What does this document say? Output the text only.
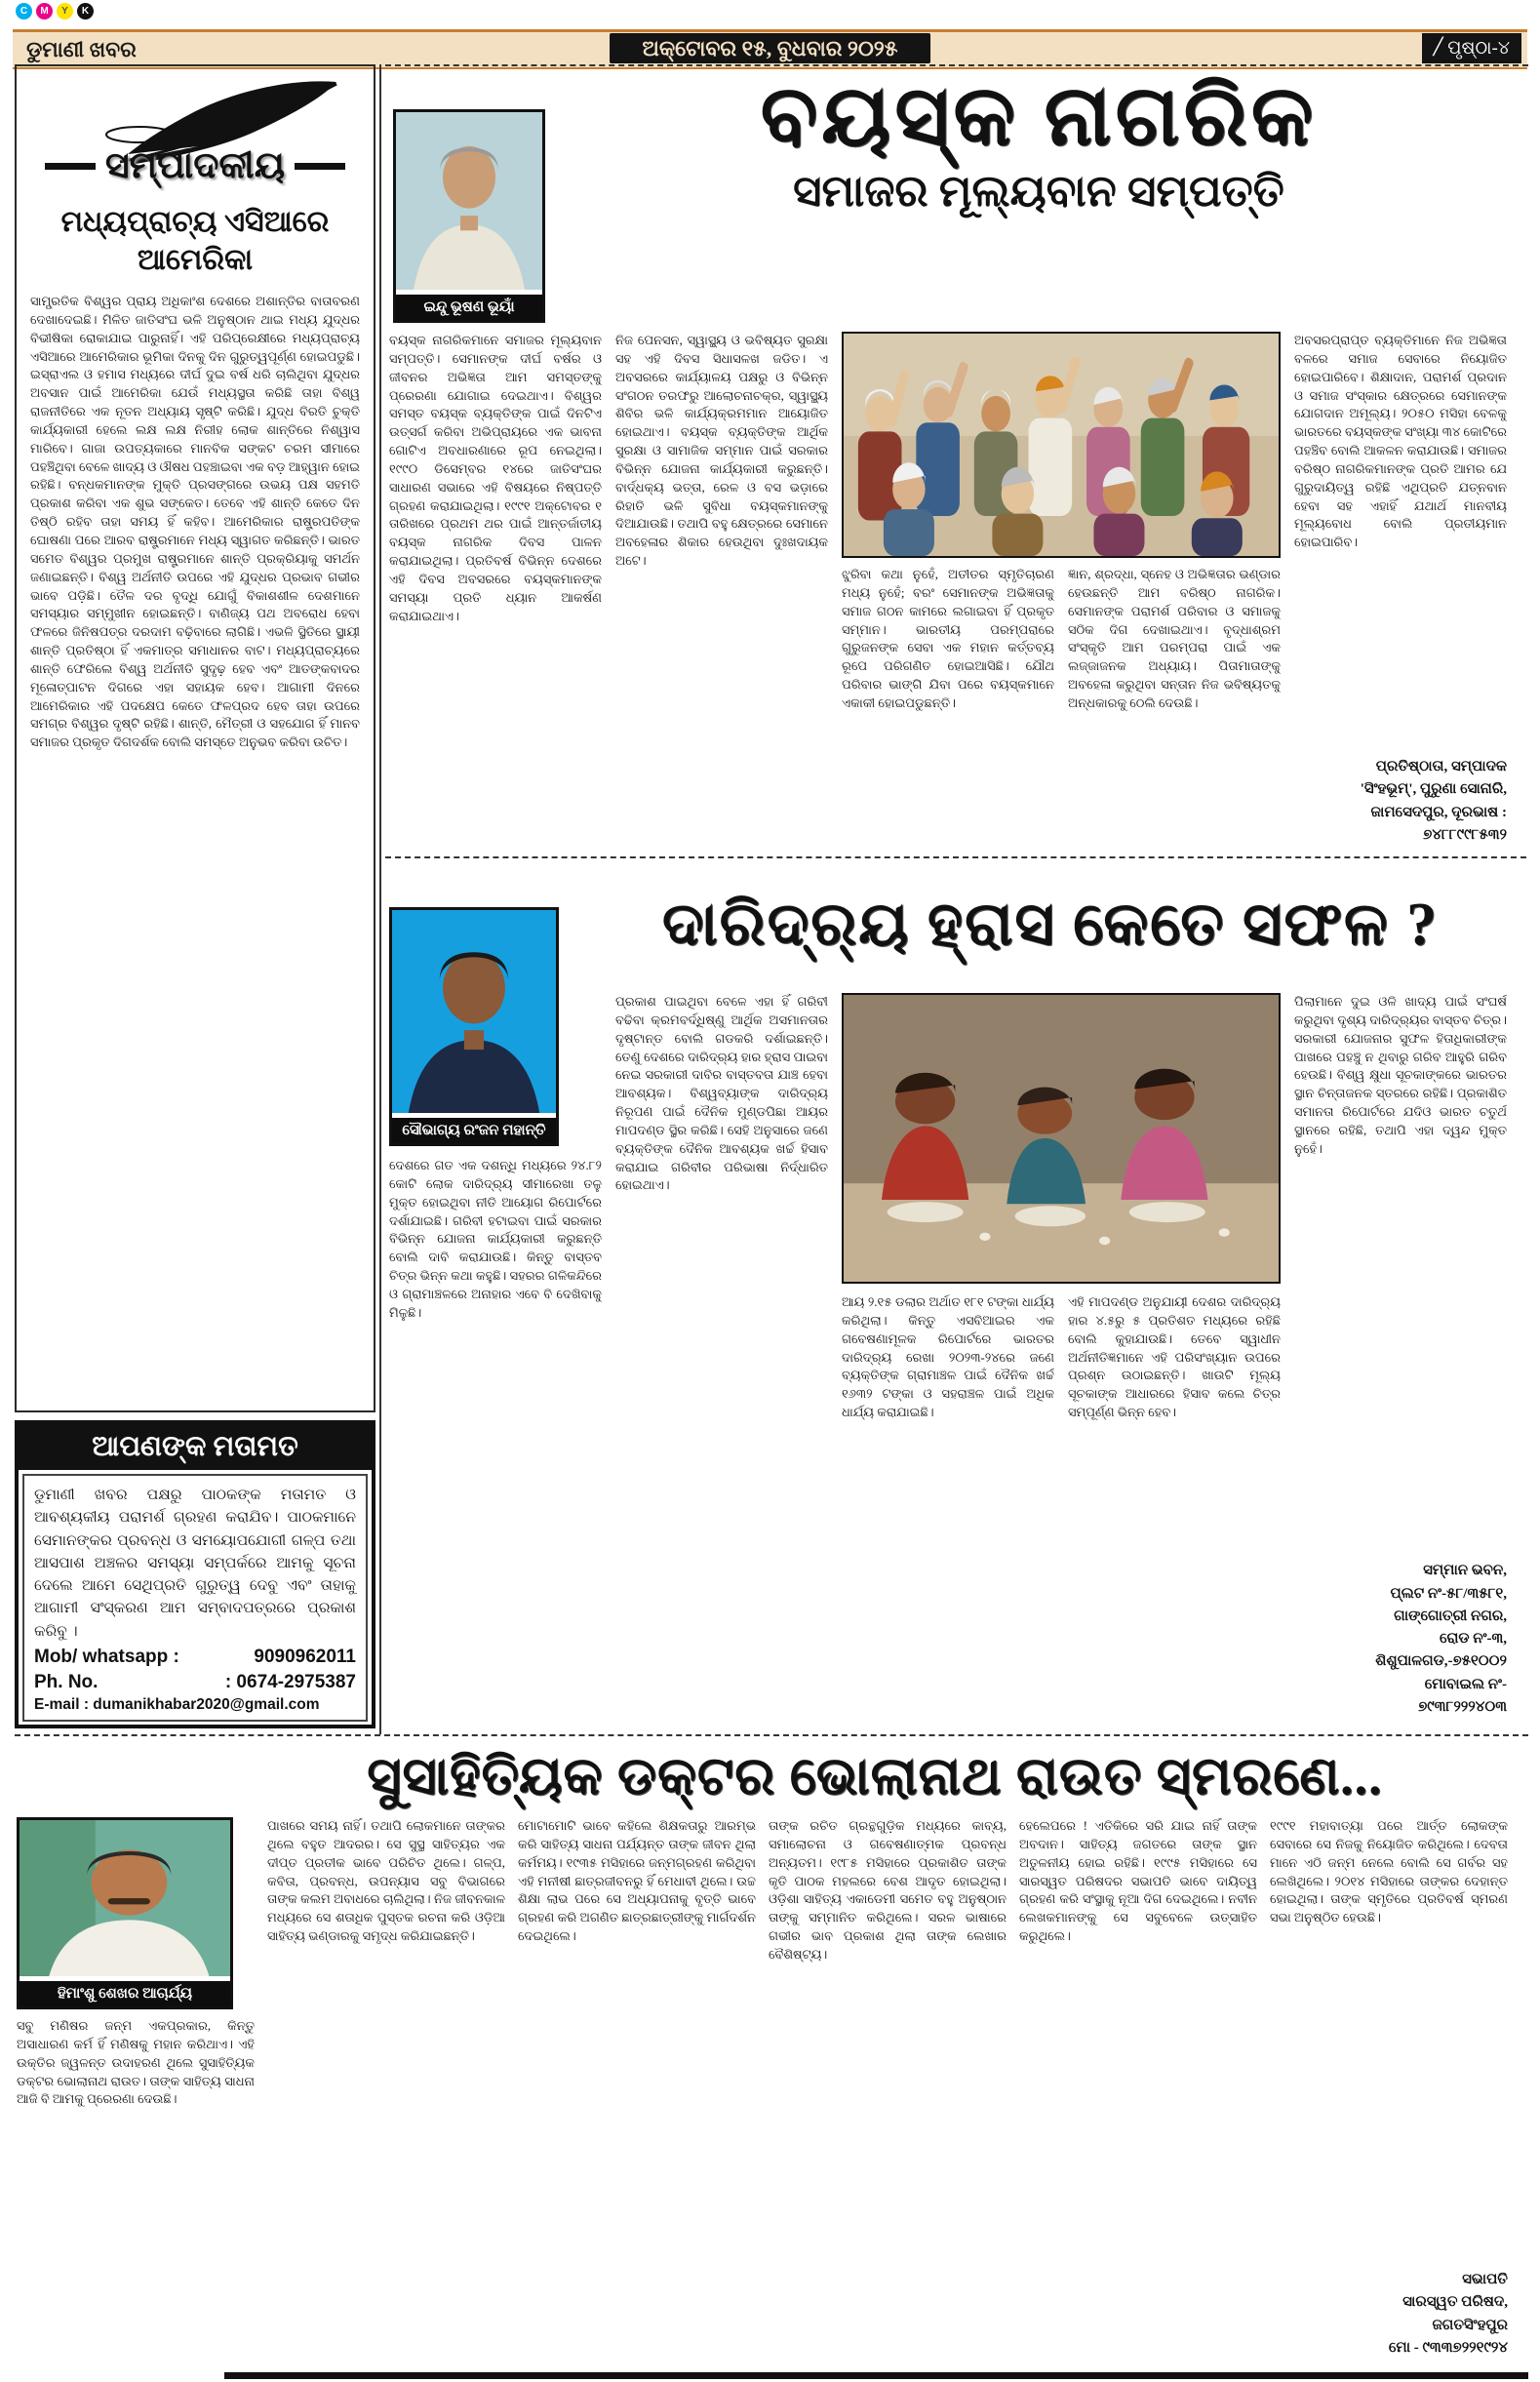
C	M	Y	K
ଡୁମାଣୀ ଖବର	ଅକ୍ଟୋବର ୧୫, ବୁଧବାର ୨୦୨୫	/ ପୃଷ୍ଠା-୪
ସମ୍ପାଦକୀୟ
ମଧ୍ୟପ୍ରାଚ୍ୟ ଏସିଆରେ ଆମେରିକା
ସାମ୍ପ୍ରତିକ ବିଶ୍ୱର ପ୍ରାୟ ଅଧିକାଂଶ ଦେଶରେ ଅଶାନ୍ତିର ବାତାବରଣ ଦେଖାଦେଇଛି। ମିଳିତ ଜାତିସଂଘ ଭଳି ଅନୁଷ୍ଠାନ ଥାଇ ମଧ୍ୟ ଯୁଦ୍ଧର ବିଭୀଷିକା ରୋକାଯାଇ ପାରୁନାହିଁ। ଏହି ପରିପ୍ରେକ୍ଷୀରେ ମଧ୍ୟପ୍ରାଚ୍ୟ ଏସିଆରେ ଆମେରିକାର ଭୂମିକା ଦିନକୁ ଦିନ ଗୁରୁତ୍ୱପୂର୍ଣ୍ଣ ହୋଇପଡୁଛି। ଇସ୍ରାଏଲ ଓ ହମାସ ମଧ୍ୟରେ ଦୀର୍ଘ ଦୁଇ ବର୍ଷ ଧରି ଚାଲିଥିବା ଯୁଦ୍ଧର ଅବସାନ ପାଇଁ ଆମେରିକା ଯେଉଁ ମଧ୍ୟସ୍ଥତା କରିଛି ତାହା ବିଶ୍ୱ ରାଜନୀତିରେ ଏକ ନୂତନ ଅଧ୍ୟାୟ ସୃଷ୍ଟି କରିଛି। ଯୁଦ୍ଧ ବିରତି ଚୁକ୍ତି କାର୍ଯ୍ୟକାରୀ ହେଲେ ଲକ୍ଷ ଲକ୍ଷ ନିରୀହ ଲୋକ ଶାନ୍ତିରେ ନିଶ୍ୱାସ ମାରିବେ। ଗାଜା ଉପତ୍ୟକାରେ ମାନବିକ ସଙ୍କଟ ଚରମ ସୀମାରେ ପହଞ୍ଚିଥିବା ବେଳେ ଖାଦ୍ୟ ଓ ଔଷଧ ପହଞ୍ଚାଇବା ଏକ ବଡ଼ ଆହ୍ୱାନ ହୋଇ ରହିଛି। ବନ୍ଧକମାନଙ୍କ ମୁକ୍ତି ପ୍ରସଙ୍ଗରେ ଉଭୟ ପକ୍ଷ ସହମତି ପ୍ରକାଶ କରିବା ଏକ ଶୁଭ ସଙ୍କେତ। ତେବେ ଏହି ଶାନ୍ତି କେତେ ଦିନ ତିଷ୍ଠି ରହିବ ତାହା ସମୟ ହିଁ କହିବ। ଆମେରିକାର ରାଷ୍ଟ୍ରପତିଙ୍କ ଘୋଷଣା ପରେ ଆରବ ରାଷ୍ଟ୍ରମାନେ ମଧ୍ୟ ସ୍ୱାଗତ କରିଛନ୍ତି। ଭାରତ ସମେତ ବିଶ୍ୱର ପ୍ରମୁଖ ରାଷ୍ଟ୍ରମାନେ ଶାନ୍ତି ପ୍ରକ୍ରିୟାକୁ ସମର୍ଥନ ଜଣାଇଛନ୍ତି। ବିଶ୍ୱ ଅର୍ଥନୀତି ଉପରେ ଏହି ଯୁଦ୍ଧର ପ୍ରଭାବ ଗଭୀର ଭାବେ ପଡ଼ିଛି। ତୈଳ ଦର ବୃଦ୍ଧି ଯୋଗୁଁ ବିକାଶଶୀଳ ଦେଶମାନେ ସମସ୍ୟାର ସମ୍ମୁଖୀନ ହୋଇଛନ୍ତି। ବାଣିଜ୍ୟ ପଥ ଅବରୋଧ ହେବା ଫଳରେ ଜିନିଷପତ୍ର ଦରଦାମ ବଢ଼ିବାରେ ଲାଗିଛି। ଏଭଳି ସ୍ଥିତିରେ ସ୍ଥାୟୀ ଶାନ୍ତି ପ୍ରତିଷ୍ଠା ହିଁ ଏକମାତ୍ର ସମାଧାନର ବାଟ। ମଧ୍ୟପ୍ରାଚ୍ୟରେ ଶାନ୍ତି ଫେରିଲେ ବିଶ୍ୱ ଅର୍ଥନୀତି ସୁଦୃଢ଼ ହେବ ଏବଂ ଆତଙ୍କବାଦର ମୂଳୋତ୍ପାଟନ ଦିଗରେ ଏହା ସହାୟକ ହେବ। ଆଗାମୀ ଦିନରେ ଆମେରିକାର ଏହି ପଦକ୍ଷେପ କେତେ ଫଳପ୍ରଦ ହେବ ତାହା ଉପରେ ସମଗ୍ର ବିଶ୍ୱର ଦୃଷ୍ଟି ରହିଛି। ଶାନ୍ତି, ମୈତ୍ରୀ ଓ ସହଯୋଗ ହିଁ ମାନବ ସମାଜର ପ୍ରକୃତ ଦିଗଦର୍ଶକ ବୋଲି ସମସ୍ତେ ଅନୁଭବ କରିବା ଉଚିତ।
ଆପଣଙ୍କ ମତାମତ
ଡୁମାଣୀ ଖବର ପକ୍ଷରୁ ପାଠକଙ୍କ ମତାମତ ଓ ଆବଶ୍ୟକୀୟ ପରାମର୍ଶ ଗ୍ରହଣ କରାଯିବ। ପାଠକମାନେ ସେମାନଙ୍କର ପ୍ରବନ୍ଧ ଓ ସମୟୋପଯୋଗୀ ଗଳ୍ପ ତଥା ଆସପାଶ ଅଞ୍ଚଳର ସମସ୍ୟା ସମ୍ପର୍କରେ ଆମକୁ ସୂଚନା ଦେଲେ ଆମେ ସେଥିପ୍ରତି ଗୁରୁତ୍ୱ ଦେବୁ ଏବଂ ତାହାକୁ ଆଗାମୀ ସଂସ୍କରଣ ଆମ ସମ୍ବାଦପତ୍ରରେ ପ୍ରକାଶ କରିବୁ ।
Mob/ whatsapp :	9090962011
Ph. No.	: 0674-2975387
E-mail : dumanikhabar2020@gmail.com
ଇନ୍ଦୁ ଭୂଷଣ ଭୂୟାଁ
ବୟସ୍କ ନାଗରିକ
ସମାଜର ମୂଲ୍ୟବାନ ସମ୍ପତ୍ତି
ବୟସ୍କ ନାଗରିକମାନେ ସମାଜର ମୂଲ୍ୟବାନ ସମ୍ପତ୍ତି। ସେମାନଙ୍କ ଦୀର୍ଘ ବର୍ଷର ଓ ଜୀବନର ଅଭିଜ୍ଞତା ଆମ ସମସ୍ତଙ୍କୁ ପ୍ରେରଣା ଯୋଗାଇ ଦେଇଥାଏ। ବିଶ୍ୱର ସମସ୍ତ ବୟସ୍କ ବ୍ୟକ୍ତିଙ୍କ ପାଇଁ ଦିନଟିଏ ଉତ୍ସର୍ଗ କରିବା ଅଭିପ୍ରାୟରେ ଏକ ଭାବନା ଗୋଟିଏ ଅବଧାରଣାରେ ରୂପ ନେଇଥିଲା। ୧୯୯୦ ଡିସେମ୍ବର ୧୪ରେ ଜାତିସଂଘର ସାଧାରଣ ସଭାରେ ଏହି ବିଷୟରେ ନିଷ୍ପତ୍ତି ଗ୍ରହଣ କରାଯାଇଥିଲା। ୧୯୯୧ ଅକ୍ଟୋବର ୧ ତାରିଖରେ ପ୍ରଥମ ଥର ପାଇଁ ଆନ୍ତର୍ଜାତୀୟ ବୟସ୍କ ନାଗରିକ ଦିବସ ପାଳନ କରାଯାଇଥିଲା। ପ୍ରତିବର୍ଷ ବିଭିନ୍ନ ଦେଶରେ ଏହି ଦିବସ ଅବସରରେ ବୟସ୍କମାନଙ୍କ ସମସ୍ୟା ପ୍ରତି ଧ୍ୟାନ ଆକର୍ଷଣ କରାଯାଇଥାଏ।
ନିଜ ପେନସନ, ସ୍ୱାସ୍ଥ୍ୟ ଓ ଭବିଷ୍ୟତ ସୁରକ୍ଷା ସହ ଏହି ଦିବସ ସିଧାସଳଖ ଜଡିତ। ଏ ଅବସରରେ କାର୍ଯ୍ୟାଳୟ ପକ୍ଷରୁ ଓ ବିଭିନ୍ନ ସଂଗଠନ ତରଫରୁ ଆଲୋଚନାଚକ୍ର, ସ୍ୱାସ୍ଥ୍ୟ ଶିବିର ଭଳି କାର୍ଯ୍ୟକ୍ରମମାନ ଆୟୋଜିତ ହୋଇଥାଏ। ବୟସ୍କ ବ୍ୟକ୍ତିଙ୍କ ଆର୍ଥିକ ସୁରକ୍ଷା ଓ ସାମାଜିକ ସମ୍ମାନ ପାଇଁ ସରକାର ବିଭିନ୍ନ ଯୋଜନା କାର୍ଯ୍ୟକାରୀ କରୁଛନ୍ତି। ବାର୍ଦ୍ଧକ୍ୟ ଭତ୍ତା, ରେଳ ଓ ବସ ଭଡ଼ାରେ ରିହାତି ଭଳି ସୁବିଧା ବୟସ୍କମାନଙ୍କୁ ଦିଆଯାଉଛି। ତଥାପି ବହୁ କ୍ଷେତ୍ରରେ ସେମାନେ ଅବହେଳାର ଶିକାର ହେଉଥିବା ଦୁଃଖଦାୟକ ଅଟେ।
ଝୁରିବା କଥା ନୁହେଁ, ଅତୀତର ସ୍ମୃତିଚାରଣ ମଧ୍ୟ ନୁହେଁ; ବରଂ ସେମାନଙ୍କ ଅଭିଜ୍ଞତାକୁ ସମାଜ ଗଠନ କାମରେ ଲଗାଇବା ହିଁ ପ୍ରକୃତ ସମ୍ମାନ। ଭାରତୀୟ ପରମ୍ପରାରେ ଗୁରୁଜନଙ୍କ ସେବା ଏକ ମହାନ କର୍ତ୍ତବ୍ୟ ରୂପେ ପରିଗଣିତ ହୋଇଆସିଛି। ଯୌଥ ପରିବାର ଭାଙ୍ଗି ଯିବା ପରେ ବୟସ୍କମାନେ ଏକାକୀ ହୋଇପଡୁଛନ୍ତି।
ଜ୍ଞାନ, ଶ୍ରଦ୍ଧା, ସ୍ନେହ ଓ ଅଭିଜ୍ଞତାର ଭଣ୍ଡାର ହେଉଛନ୍ତି ଆମ ବରିଷ୍ଠ ନାଗରିକ। ସେମାନଙ୍କ ପରାମର୍ଶ ପରିବାର ଓ ସମାଜକୁ ସଠିକ ଦିଗ ଦେଖାଇଥାଏ। ବୃଦ୍ଧାଶ୍ରମ ସଂସ୍କୃତି ଆମ ପରମ୍ପରା ପାଇଁ ଏକ ଲଜ୍ଜାଜନକ ଅଧ୍ୟାୟ। ପିତାମାତାଙ୍କୁ ଅବହେଳା କରୁଥିବା ସନ୍ତାନ ନିଜ ଭବିଷ୍ୟତକୁ ଅନ୍ଧକାରକୁ ଠେଲି ଦେଉଛି।
ଅବସରପ୍ରାପ୍ତ ବ୍ୟକ୍ତିମାନେ ନିଜ ଅଭିଜ୍ଞତା ବଳରେ ସମାଜ ସେବାରେ ନିୟୋଜିତ ହୋଇପାରିବେ। ଶିକ୍ଷାଦାନ, ପରାମର୍ଶ ପ୍ରଦାନ ଓ ସମାଜ ସଂସ୍କାର କ୍ଷେତ୍ରରେ ସେମାନଙ୍କ ଯୋଗଦାନ ଅମୂଲ୍ୟ। ୨୦୫୦ ମସିହା ବେଳକୁ ଭାରତରେ ବୟସ୍କଙ୍କ ସଂଖ୍ୟା ୩୪ କୋଟିରେ ପହଞ୍ଚିବ ବୋଲି ଆକଳନ କରାଯାଉଛି। ସମାଜର ବରିଷ୍ଠ ନାଗରିକମାନଙ୍କ ପ୍ରତି ଆମର ଯେ ଗୁରୁଦାୟିତ୍ୱ ରହିଛି ଏଥିପ୍ରତି ଯତ୍ନବାନ ହେବା ସହ ଏହାହିଁ ଯଥାର୍ଥ ମାନବୀୟ ମୂଲ୍ୟବୋଧ ବୋଲି ପ୍ରତୀୟମାନ ହୋଇପାରିବ।
ପ୍ରତିଷ୍ଠାତା, ସମ୍ପାଦକ
'ସିଂହଭୂମ୍', ପୁରୁଣା ସୋନାରି,
ଜାମସେଦପୁର, ଦୂରଭାଷ :
୭୪୮୮୯୯୮୫୩୨
ସୌଭାଗ୍ୟ ରଂଜନ ମହାନ୍ତି
ଦାରିଦ୍ର୍ୟ ହ୍ରାସ କେତେ ସଫଳ ?
ଦେଶରେ ଗତ ଏକ ଦଶନ୍ଧି ମଧ୍ୟରେ ୨୪.୮୨ କୋଟି ଲୋକ ଦାରିଦ୍ର୍ୟ ସୀମାରେଖା ତଳୁ ମୁକ୍ତ ହୋଇଥିବା ନୀତି ଆୟୋଗ ରିପୋର୍ଟରେ ଦର୍ଶାଯାଇଛି। ଗରିବୀ ହଟାଇବା ପାଇଁ ସରକାର ବିଭିନ୍ନ ଯୋଜନା କାର୍ଯ୍ୟକାରୀ କରୁଛନ୍ତି ବୋଲି ଦାବି କରାଯାଉଛି। କିନ୍ତୁ ବାସ୍ତବ ଚିତ୍ର ଭିନ୍ନ କଥା କହୁଛି। ସହରର ଗଳିକନ୍ଦିରେ ଓ ଗ୍ରାମାଞ୍ଚଳରେ ଅନାହାର ଏବେ ବି ଦେଖିବାକୁ ମିଳୁଛି।
ପ୍ରକାଶ ପାଇଥିବା ବେଳେ ଏହା ହିଁ ଗରିବୀ ବଢିବା କ୍ରମବର୍ଦ୍ଧିଷ୍ଣୁ ଆର୍ଥିକ ଅସମାନତାର ଦୃଷ୍ଟାନ୍ତ ବୋଲି ଗଡକରି ଦର୍ଶାଇଛନ୍ତି। ତେଣୁ ଦେଶରେ ଦାରିଦ୍ର୍ୟ ହାର ହ୍ରାସ ପାଇବା ନେଇ ସରକାରୀ ଦାବିର ବାସ୍ତବତା ଯାଞ୍ଚ ହେବା ଆବଶ୍ୟକ। ବିଶ୍ୱବ୍ୟାଙ୍କ ଦାରିଦ୍ର୍ୟ ନିରୂପଣ ପାଇଁ ଦୈନିକ ମୁଣ୍ଡପିଛା ଆୟର ମାପଦଣ୍ଡ ସ୍ଥିର କରିଛି। ସେହି ଅନୁସାରେ ଜଣେ ବ୍ୟକ୍ତିଙ୍କ ଦୈନିକ ଆବଶ୍ୟକ ଖର୍ଚ୍ଚ ହିସାବ କରାଯାଇ ଗରିବୀର ପରିଭାଷା ନିର୍ଦ୍ଧାରିତ ହୋଇଥାଏ।
ଆୟ ୨.୧୫ ଡଲାର ଅର୍ଥାତ ୧୮୧ ଟଙ୍କା ଧାର୍ଯ୍ୟ କରିଥିଲା। କିନ୍ତୁ ଏସବିଆଇର ଏକ ଗବେଷଣାମୂଳକ ରିପୋର୍ଟରେ ଭାରତର ଦାରିଦ୍ର୍ୟ ରେଖା ୨୦୨୩-୨୪ରେ ଜଣେ ବ୍ୟକ୍ତିଙ୍କ ଗ୍ରାମାଞ୍ଚଳ ପାଇଁ ଦୈନିକ ଖର୍ଚ୍ଚ ୧୬୩୨ ଟଙ୍କା ଓ ସହରାଞ୍ଚଳ ପାଇଁ ଅଧିକ ଧାର୍ଯ୍ୟ କରାଯାଇଛି।
ଏହି ମାପଦଣ୍ଡ ଅନୁଯାୟୀ ଦେଶର ଦାରିଦ୍ର୍ୟ ହାର ୪.୫ରୁ ୫ ପ୍ରତିଶତ ମଧ୍ୟରେ ରହିଛି ବୋଲି କୁହାଯାଉଛି। ତେବେ ସ୍ୱାଧୀନ ଅର୍ଥନୀତିଜ୍ଞମାନେ ଏହି ପରିସଂଖ୍ୟାନ ଉପରେ ପ୍ରଶ୍ନ ଉଠାଇଛନ୍ତି। ଖାଉଟି ମୂଲ୍ୟ ସୂଚକାଙ୍କ ଆଧାରରେ ହିସାବ କଲେ ଚିତ୍ର ସମ୍ପୂର୍ଣ୍ଣ ଭିନ୍ନ ହେବ।
ପିଲାମାନେ ଦୁଇ ଓଳି ଖାଦ୍ୟ ପାଇଁ ସଂଘର୍ଷ କରୁଥିବା ଦୃଶ୍ୟ ଦାରିଦ୍ର୍ୟର ବାସ୍ତବ ଚିତ୍ର। ସରକାରୀ ଯୋଜନାର ସୁଫଳ ହିତାଧିକାରୀଙ୍କ ପାଖରେ ପହଞ୍ଚୁ ନ ଥିବାରୁ ଗରିବ ଆହୁରି ଗରିବ ହେଉଛି। ବିଶ୍ୱ କ୍ଷୁଧା ସୂଚକାଙ୍କରେ ଭାରତର ସ୍ଥାନ ଚିନ୍ତାଜନକ ସ୍ତରରେ ରହିଛି। ପ୍ରକାଶିତ ସମାନତା ରିପୋର୍ଟରେ ଯଦିଓ ଭାରତ ଚତୁର୍ଥ ସ୍ଥାନରେ ରହିଛି, ତଥାପି ଏହା ଦ୍ୱନ୍ଦ ମୁକ୍ତ ନୁହେଁ।
ସମ୍ମାନ ଭବନ,
ପ୍ଲଟ ନଂ-୫୮/୩୫୮୧,
ଗାଙ୍ଗୋତ୍ରୀ ନଗର,
ରୋଡ ନଂ-୩,
ଶିଶୁପାଳଗଡ,-୭୫୧୦୦୨
ମୋବାଇଲ ନଂ-
୭୯୩୮୨୨୨୪୦୩
ସୁସାହିତ୍ୟିକ ଡକ୍ଟର ଭୋଲାନାଥ ରାଉତ ସ୍ମରଣେ...
ହିମାଂଶୁ ଶେଖର ଆଚାର୍ଯ୍ୟ
ସବୁ ମଣିଷର ଜନ୍ମ ଏକପ୍ରକାର, କିନ୍ତୁ ଅସାଧାରଣ କର୍ମ ହିଁ ମଣିଷକୁ ମହାନ କରିଥାଏ। ଏହି ଉକ୍ତିର ଜ୍ୱଳନ୍ତ ଉଦାହରଣ ଥିଲେ ସୁସାହିତ୍ୟିକ ଡକ୍ଟର ଭୋଲାନାଥ ରାଉତ। ତାଙ୍କ ସାହିତ୍ୟ ସାଧନା ଆଜି ବି ଆମକୁ ପ୍ରେରଣା ଦେଉଛି।
ପାଖରେ ସମୟ ନାହିଁ। ତଥାପି ଲୋକମାନେ ତାଙ୍କର ଥିଲେ ବହୁତ ଆଦରର। ସେ ସୁସ୍ଥ ସାହିତ୍ୟର ଏକ ଦୀପ୍ତ ପ୍ରତୀକ ଭାବେ ପରିଚିତ ଥିଲେ। ଗଳ୍ପ, କବିତା, ପ୍ରବନ୍ଧ, ଉପନ୍ୟାସ ସବୁ ବିଭାଗରେ ତାଙ୍କ କଲମ ଅବାଧରେ ଚାଲିଥିଲା। ନିଜ ଜୀବନକାଳ ମଧ୍ୟରେ ସେ ଶତାଧିକ ପୁସ୍ତକ ରଚନା କରି ଓଡ଼ିଆ ସାହିତ୍ୟ ଭଣ୍ଡାରକୁ ସମୃଦ୍ଧ କରିଯାଇଛନ୍ତି।
ମୋଟାମୋଟି ଭାବେ କହିଲେ ଶିକ୍ଷକତାରୁ ଆରମ୍ଭ କରି ସାହିତ୍ୟ ସାଧନା ପର୍ଯ୍ୟନ୍ତ ତାଙ୍କ ଜୀବନ ଥିଲା କର୍ମମୟ। ୧୯୩୫ ମସିହାରେ ଜନ୍ମଗ୍ରହଣ କରିଥିବା ଏହି ମନୀଷୀ ଛାତ୍ରଜୀବନରୁ ହିଁ ମେଧାବୀ ଥିଲେ। ଉଚ୍ଚ ଶିକ୍ଷା ଲାଭ ପରେ ସେ ଅଧ୍ୟାପନାକୁ ବୃତ୍ତି ଭାବେ ଗ୍ରହଣ କରି ଅଗଣିତ ଛାତ୍ରଛାତ୍ରୀଙ୍କୁ ମାର୍ଗଦର୍ଶନ ଦେଇଥିଲେ।
ତାଙ୍କ ରଚିତ ଗ୍ରନ୍ଥଗୁଡ଼ିକ ମଧ୍ୟରେ କାବ୍ୟ, ସମାଲୋଚନା ଓ ଗବେଷଣାତ୍ମକ ପ୍ରବନ୍ଧ ଅନ୍ୟତମ। ୧୯୮୫ ମସିହାରେ ପ୍ରକାଶିତ ତାଙ୍କ କୃତି ପାଠକ ମହଲରେ ବେଶ ଆଦୃତ ହୋଇଥିଲା। ଓଡ଼ିଶା ସାହିତ୍ୟ ଏକାଡେମୀ ସମେତ ବହୁ ଅନୁଷ୍ଠାନ ତାଙ୍କୁ ସମ୍ମାନିତ କରିଥିଲେ। ସରଳ ଭାଷାରେ ଗଭୀର ଭାବ ପ୍ରକାଶ ଥିଲା ତାଙ୍କ ଲେଖାର ବୈଶିଷ୍ଟ୍ୟ।
ହେଲେପରେ ! ଏତିକିରେ ସରି ଯାଇ ନାହିଁ ତାଙ୍କ ଅବଦାନ। ସାହିତ୍ୟ ଜଗତରେ ତାଙ୍କ ସ୍ଥାନ ଅତୁଳନୀୟ ହୋଇ ରହିଛି। ୧୯୯୫ ମସିହାରେ ସେ ସାରସ୍ୱତ ପରିଷଦର ସଭାପତି ଭାବେ ଦାୟିତ୍ୱ ଗ୍ରହଣ କରି ସଂସ୍ଥାକୁ ନୂଆ ଦିଗ ଦେଇଥିଲେ। ନବୀନ ଲେଖକମାନଙ୍କୁ ସେ ସବୁବେଳେ ଉତ୍ସାହିତ କରୁଥିଲେ।
୧୯୯୧ ମହାବାତ୍ୟା ପରେ ଆର୍ତ୍ତ ଲୋକଙ୍କ ସେବାରେ ସେ ନିଜକୁ ନିୟୋଜିତ କରିଥିଲେ। ଦେବତା ମାନେ ଏଠି ଜନ୍ମ ନେଲେ ବୋଲି ସେ ଗର୍ବର ସହ ଲେଖିଥିଲେ। ୨୦୧୪ ମସିହାରେ ତାଙ୍କର ଦେହାନ୍ତ ହୋଇଥିଲା। ତାଙ୍କ ସ୍ମୃତିରେ ପ୍ରତିବର୍ଷ ସ୍ମରଣ ସଭା ଅନୁଷ୍ଠିତ ହେଉଛି।
ସଭାପତି
ସାରସ୍ୱତ ପରିଷଦ,
ଜଗତସିଂହପୁର
ମୋ - ୯୩୩୭୨୨୧୯୨୪
